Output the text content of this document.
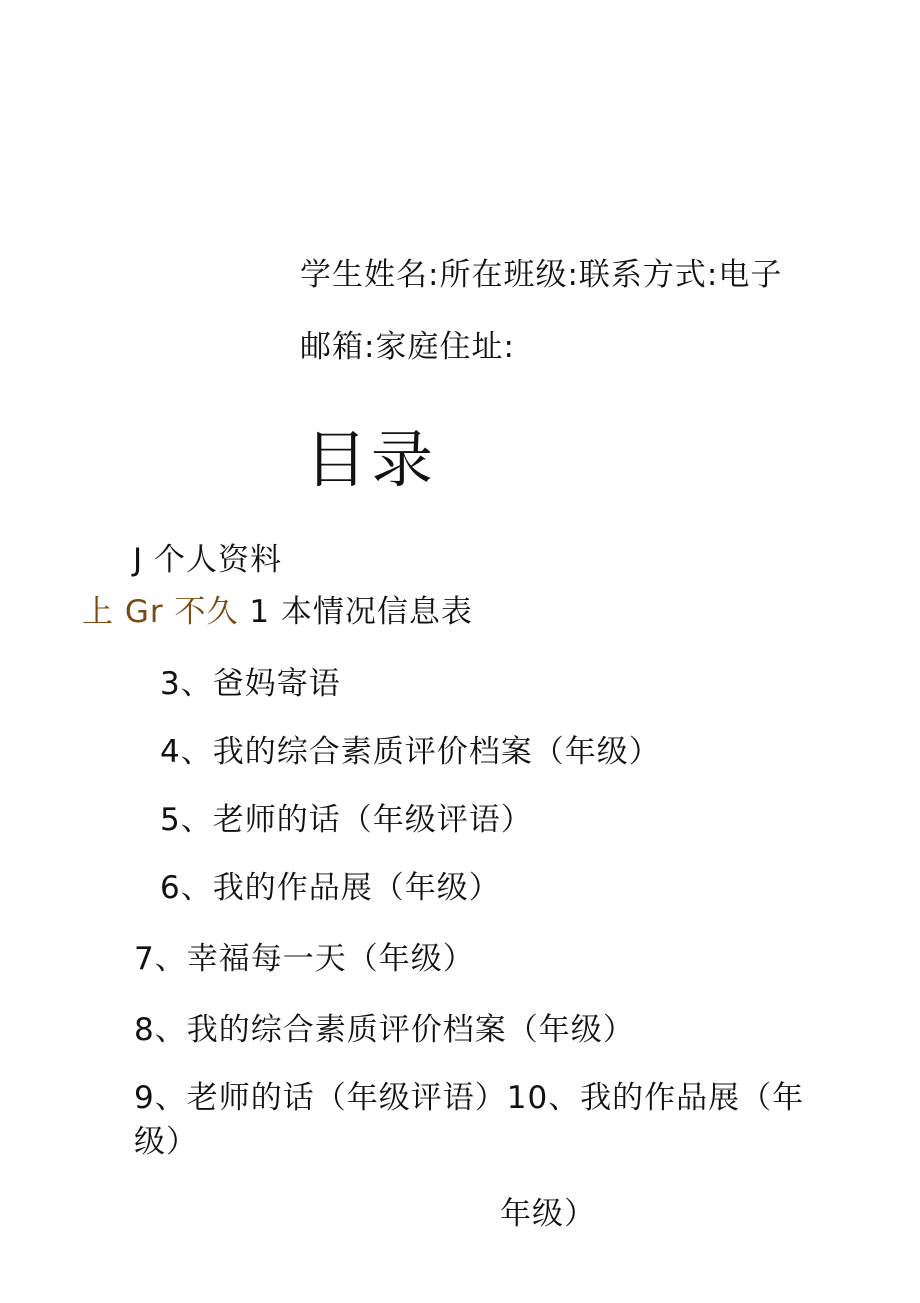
学生姓名:所在班级:联系方式:电子
邮箱:家庭住址:
目录
J 个人资料
上 Gr 不久 1 本情况信息表
3、爸妈寄语
4、我的综合素质评价档案（年级）
5、老师的话（年级评语）
6、我的作品展（年级）
7、幸福每一天（年级）
8、我的综合素质评价档案（年级）
9、老师的话（年级评语）10、我的作品展（年
级）
年级）
